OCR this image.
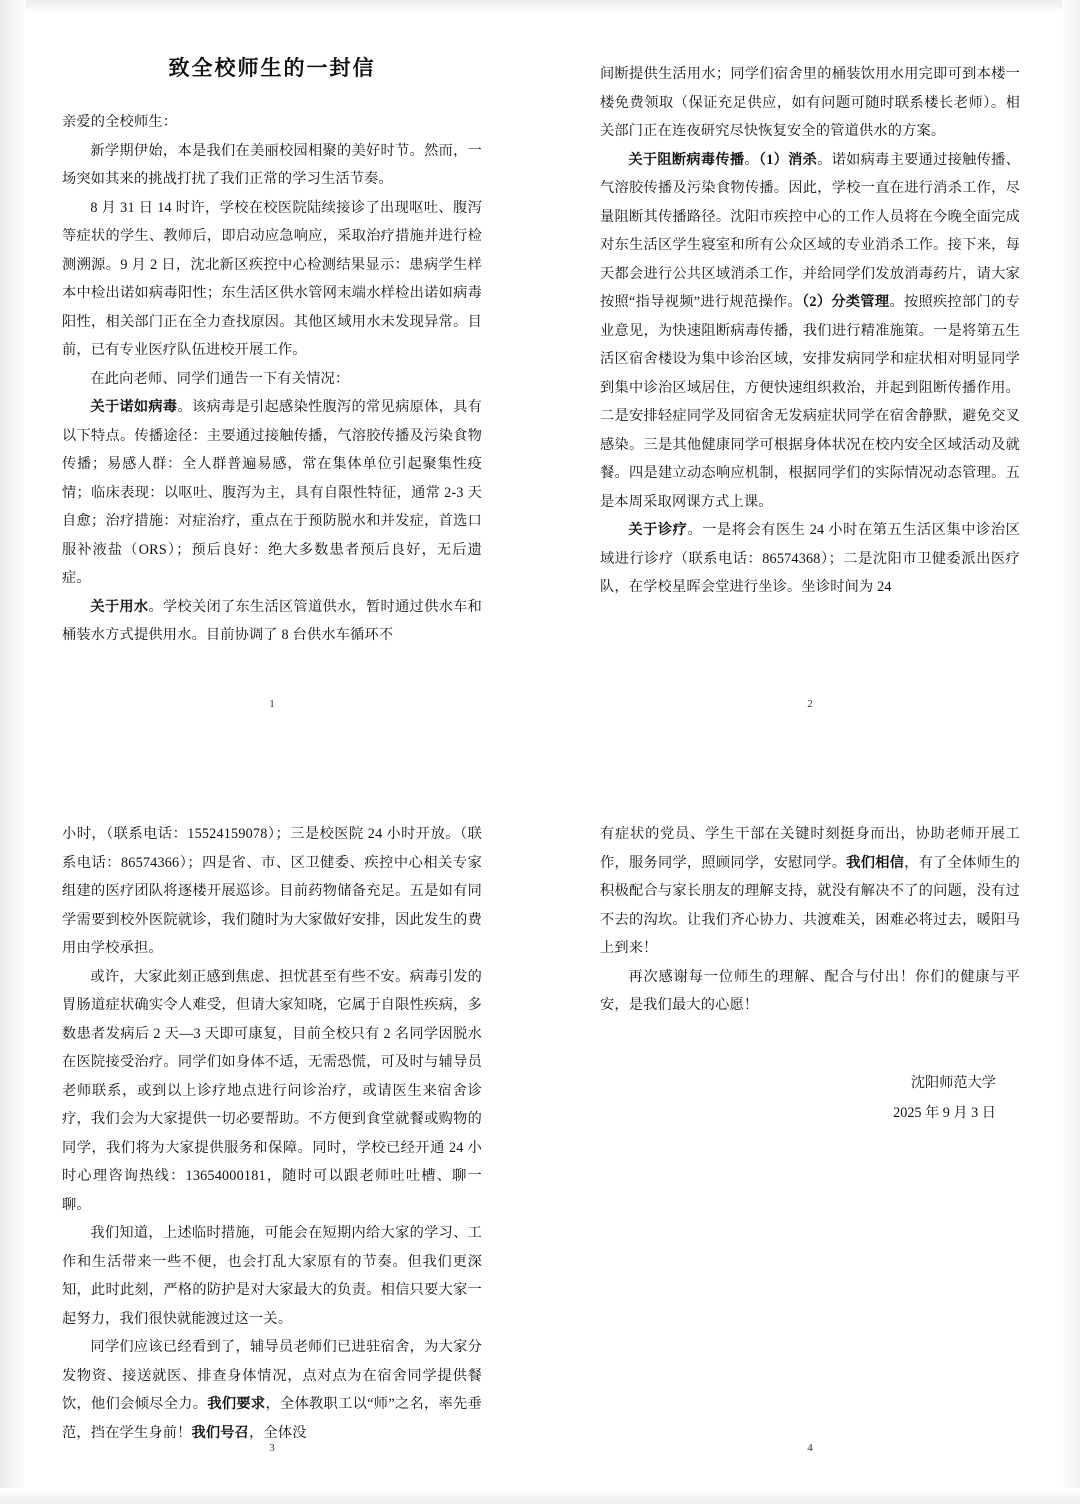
致全校师生的一封信

亲爱的全校师生：

新学期伊始，本是我们在美丽校园相聚的美好时节。然而，一场突如其来的挑战打扰了我们正常的学习生活节奏。

8 月 31 日 14 时许，学校在校医院陆续接诊了出现呕吐、腹泻等症状的学生、教师后，即启动应急响应，采取治疗措施并进行检测溯源。9 月 2 日，沈北新区疾控中心检测结果显示：患病学生样本中检出诺如病毒阳性；东生活区供水管网末端水样检出诺如病毒阳性，相关部门正在全力查找原因。其他区域用水未发现异常。目前，已有专业医疗队伍进校开展工作。

在此向老师、同学们通告一下有关情况：

关于诺如病毒。该病毒是引起感染性腹泻的常见病原体，具有以下特点。传播途径：主要通过接触传播，气溶胶传播及污染食物传播；易感人群：全人群普遍易感，常在集体单位引起聚集性疫情；临床表现：以呕吐、腹泻为主，具有自限性特征，通常 2-3 天自愈；治疗措施：对症治疗，重点在于预防脱水和并发症，首选口服补液盐（ORS）；预后良好：绝大多数患者预后良好，无后遗症。

关于用水。学校关闭了东生活区管道供水，暂时通过供水车和桶装水方式提供用水。目前协调了 8 台供水车循环不

1

间断提供生活用水；同学们宿舍里的桶装饮用水用完即可到本楼一楼免费领取（保证充足供应，如有问题可随时联系楼长老师）。相关部门正在连夜研究尽快恢复安全的管道供水的方案。

关于阻断病毒传播。（1）消杀。诺如病毒主要通过接触传播、气溶胶传播及污染食物传播。因此，学校一直在进行消杀工作，尽量阻断其传播路径。沈阳市疾控中心的工作人员将在今晚全面完成对东生活区学生寝室和所有公众区域的专业消杀工作。接下来，每天都会进行公共区域消杀工作，并给同学们发放消毒药片，请大家按照“指导视频”进行规范操作。（2）分类管理。按照疾控部门的专业意见，为快速阻断病毒传播，我们进行精准施策。一是将第五生活区宿舍楼设为集中诊治区域，安排发病同学和症状相对明显同学到集中诊治区域居住，方便快速组织救治，并起到阻断传播作用。二是安排轻症同学及同宿舍无发病症状同学在宿舍静默，避免交叉感染。三是其他健康同学可根据身体状况在校内安全区域活动及就餐。四是建立动态响应机制，根据同学们的实际情况动态管理。五是本周采取网课方式上课。

关于诊疗。一是将会有医生 24 小时在第五生活区集中诊治区域进行诊疗（联系电话：86574368）；二是沈阳市卫健委派出医疗队，在学校星晖会堂进行坐诊。坐诊时间为 24

2

小时，（联系电话：15524159078）；三是校医院 24 小时开放。（联系电话：86574366）；四是省、市、区卫健委、疾控中心相关专家组建的医疗团队将逐楼开展巡诊。目前药物储备充足。五是如有同学需要到校外医院就诊，我们随时为大家做好安排，因此发生的费用由学校承担。

或许，大家此刻正感到焦虑、担忧甚至有些不安。病毒引发的胃肠道症状确实令人难受，但请大家知晓，它属于自限性疾病，多数患者发病后 2 天—3 天即可康复，目前全校只有 2 名同学因脱水在医院接受治疗。同学们如身体不适，无需恐慌，可及时与辅导员老师联系，或到以上诊疗地点进行问诊治疗，或请医生来宿舍诊疗，我们会为大家提供一切必要帮助。不方便到食堂就餐或购物的同学，我们将为大家提供服务和保障。同时，学校已经开通 24 小时心理咨询热线：13654000181，随时可以跟老师吐吐槽、聊一聊。

我们知道，上述临时措施，可能会在短期内给大家的学习、工作和生活带来一些不便，也会打乱大家原有的节奏。但我们更深知，此时此刻，严格的防护是对大家最大的负责。相信只要大家一起努力，我们很快就能渡过这一关。

同学们应该已经看到了，辅导员老师们已进驻宿舍，为大家分发物资、接送就医、排查身体情况，点对点为在宿舍同学提供餐饮，他们会倾尽全力。我们要求，全体教职工以“师”之名，率先垂范，挡在学生身前！我们号召，全体没

3

有症状的党员、学生干部在关键时刻挺身而出，协助老师开展工作，服务同学，照顾同学，安慰同学。我们相信，有了全体师生的积极配合与家长朋友的理解支持，就没有解决不了的问题，没有过不去的沟坎。让我们齐心协力、共渡难关，困难必将过去，暖阳马上到来！

再次感谢每一位师生的理解、配合与付出！你们的健康与平安，是我们最大的心愿！

沈阳师范大学
2025 年 9 月 3 日
4
